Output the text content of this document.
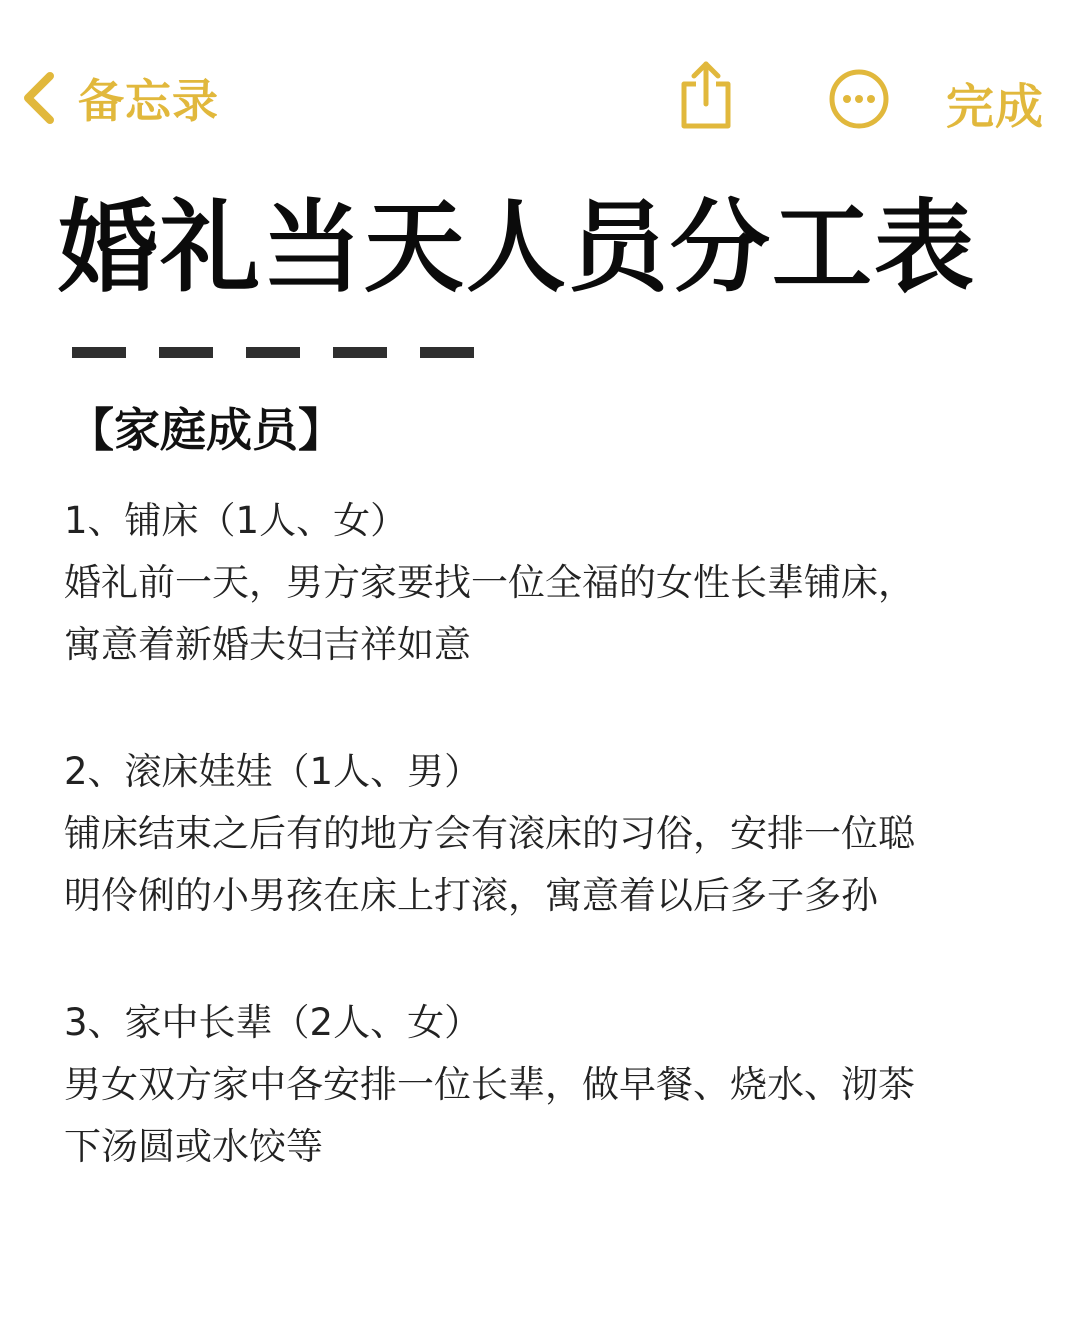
备忘录	完成
婚礼当天人员分工表
【家庭成员】
1、铺床（1人、女）
婚礼前一天，男方家要找一位全福的女性长辈铺床，
寓意着新婚夫妇吉祥如意
2、滚床娃娃（1人、男）
铺床结束之后有的地方会有滚床的习俗，安排一位聪
明伶俐的小男孩在床上打滚，寓意着以后多子多孙
3、家中长辈（2人、女）
男女双方家中各安排一位长辈，做早餐、烧水、沏茶
下汤圆或水饺等
